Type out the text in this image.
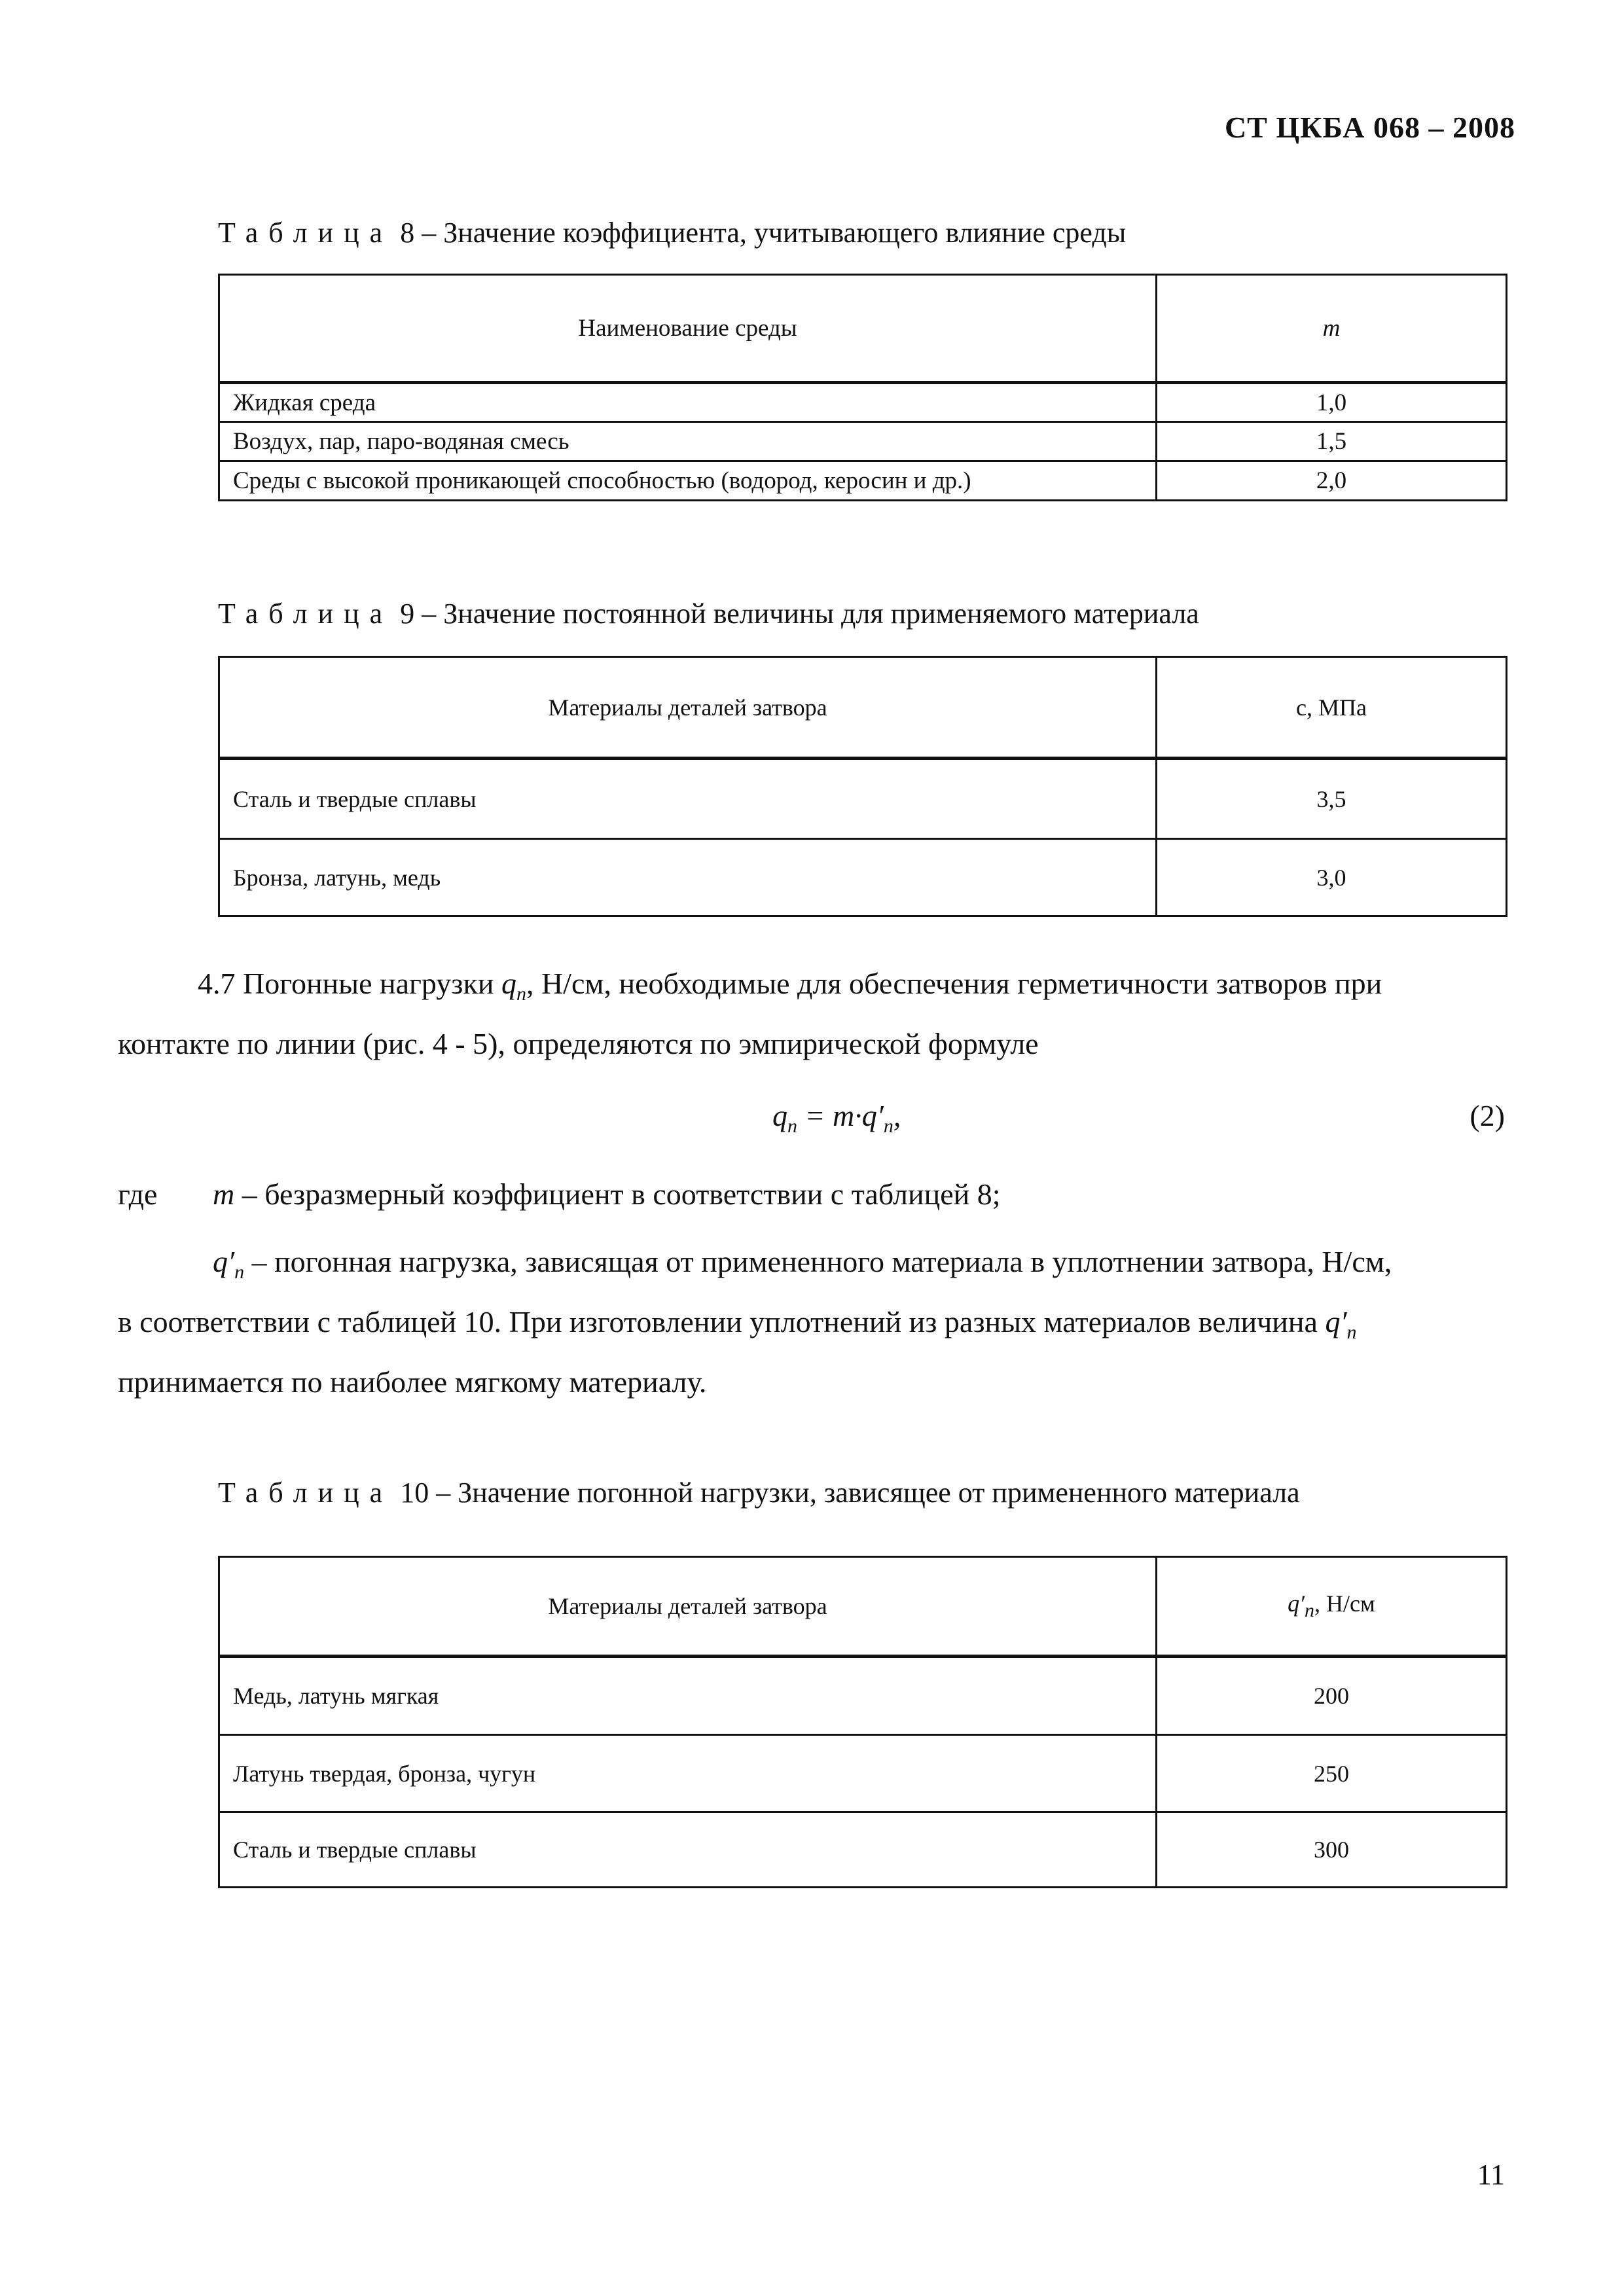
СТ ЦКБА 068 – 2008
Таблица 8 – Значение коэффициента, учитывающего влияние среды
Наименование среды	m
Жидкая среда	1,0
Воздух, пар, паро-водяная смесь	1,5
Среды с высокой проникающей способностью (водород, керосин и др.)	2,0
Таблица 9 – Значение постоянной величины для применяемого материала
Материалы деталей затвора	c, МПа
Сталь и твердые сплавы	3,5
Бронза, латунь, медь	3,0
4.7 Погонные нагрузки $q_n$, Н/см, необходимые для обеспечения герметичности затворов при
контакте по линии (рис. 4 - 5), определяются по эмпирической формуле
$q_n = m\cdot q'_n$,	(2)
где m – безразмерный коэффициент в соответствии с таблицей 8;
$q'_n$ – погонная нагрузка, зависящая от примененного материала в уплотнении затвора, Н/см,
в соответствии с таблицей 10. При изготовлении уплотнений из разных материалов величина $q'_n$
принимается по наиболее мягкому материалу.
Таблица 10 – Значение погонной нагрузки, зависящее от примененного материала
Материалы деталей затвора	$q'_n$, Н/см
Медь, латунь мягкая	200
Латунь твердая, бронза, чугун	250
Сталь и твердые сплавы	300
11
